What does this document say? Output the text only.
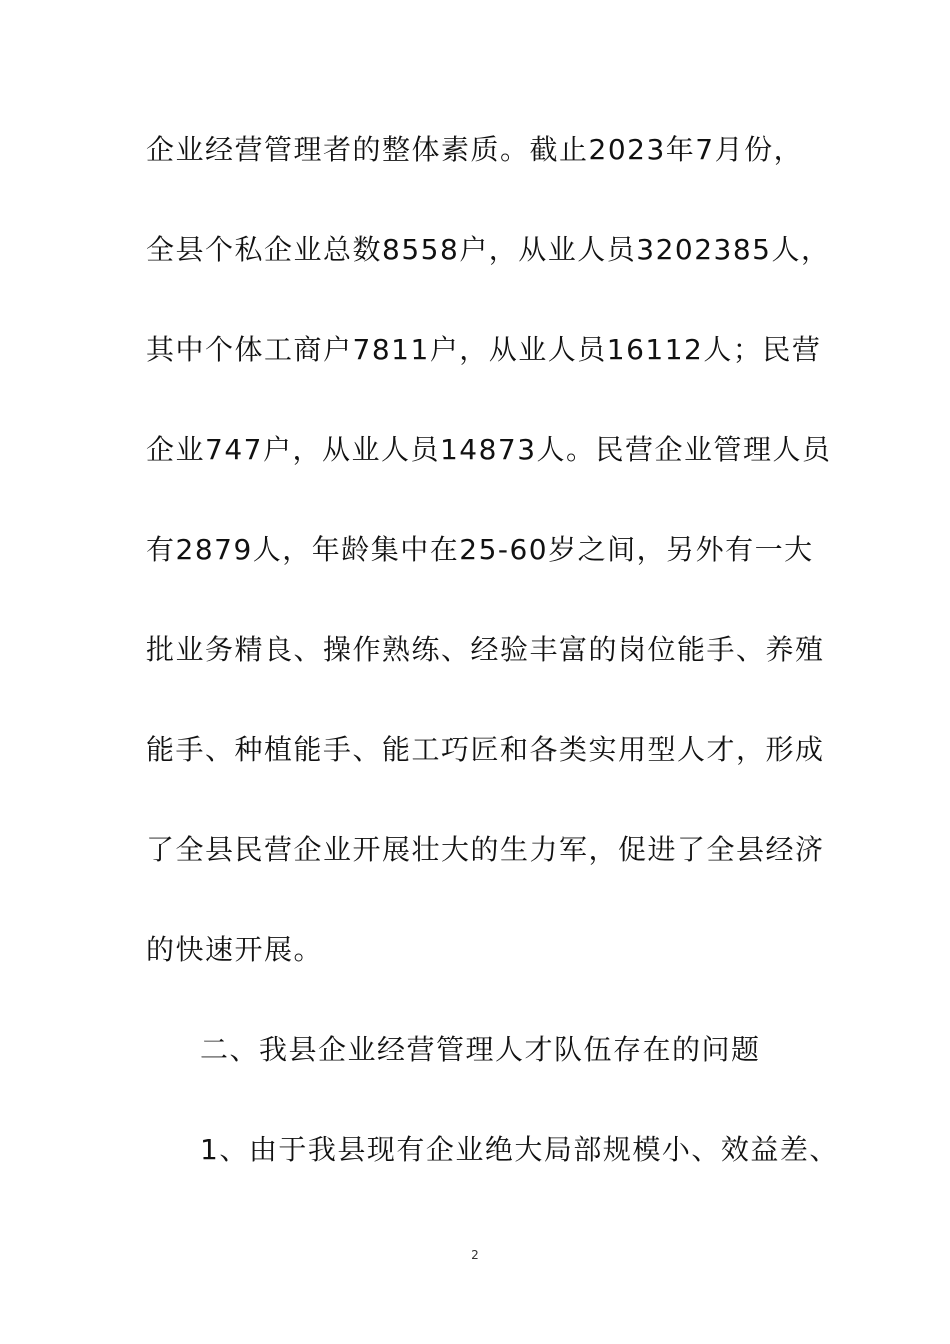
企业经营管理者的整体素质。截止2023年7月份，
全县个私企业总数8558户，从业人员3202385人，
其中个体工商户7811户，从业人员16112人；民营
企业747户，从业人员14873人。民营企业管理人员
有2879人，年龄集中在25-60岁之间，另外有一大
批业务精良、操作熟练、经验丰富的岗位能手、养殖
能手、种植能手、能工巧匠和各类实用型人才，形成
了全县民营企业开展壮大的生力军，促进了全县经济
的快速开展。
二、我县企业经营管理人才队伍存在的问题
1、由于我县现有企业绝大局部规模小、效益差、
2
